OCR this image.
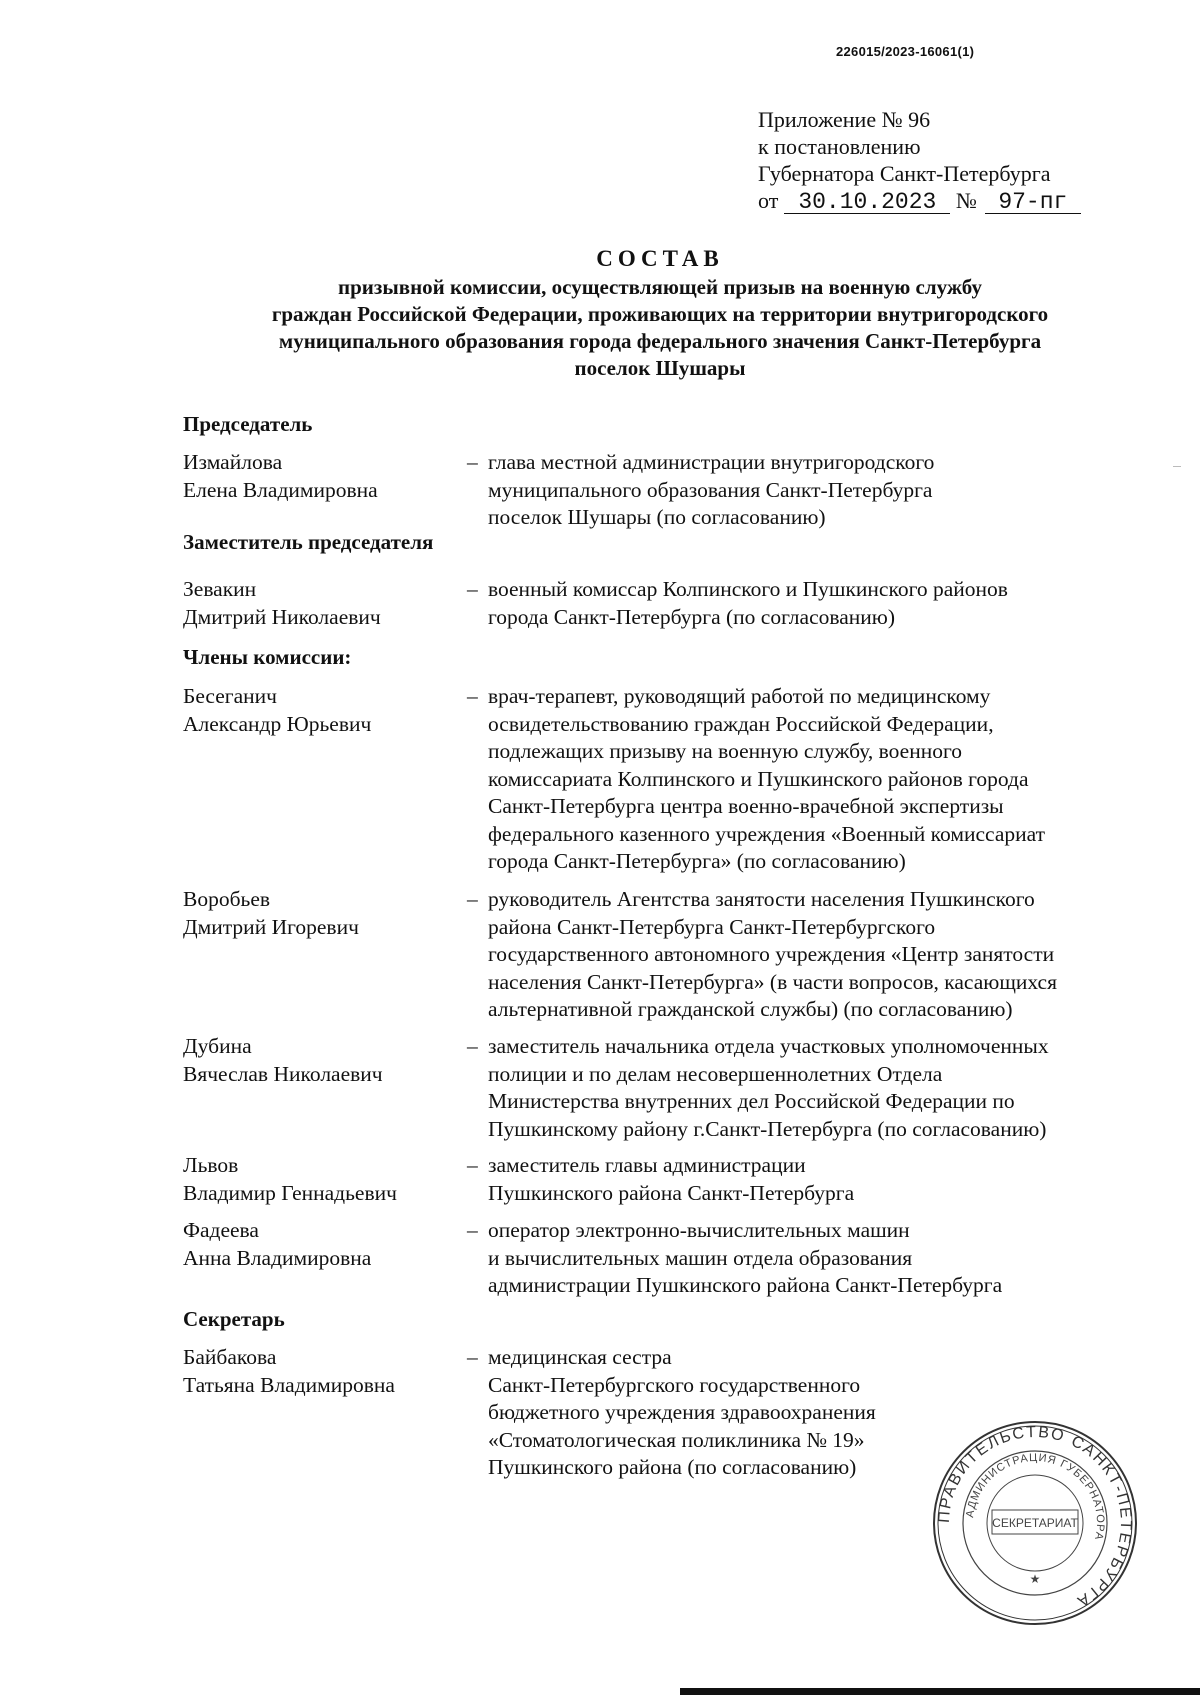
226015/2023-16061(1)
Приложение № 96
к постановлению
Губернатора Санкт-Петербурга
от 30.10.2023 № 97-пг
СОСТАВ
призывной комиссии, осуществляющей призыв на военную службу
граждан Российской Федерации, проживающих на территории внутригородского
муниципального образования города федерального значения Санкт-Петербурга
поселок Шушары
Председатель
Измайлова
Елена Владимировна
– глава местной администрации внутригородского
муниципального образования Санкт-Петербурга
поселок Шушары (по согласованию)
Заместитель председателя
Зевакин
Дмитрий Николаевич
– военный комиссар Колпинского и Пушкинского районов
города Санкт-Петербурга (по согласованию)
Члены комиссии:
Бесеганич
Александр Юрьевич
– врач-терапевт, руководящий работой по медицинскому
освидетельствованию граждан Российской Федерации,
подлежащих призыву на военную службу, военного
комиссариата Колпинского и Пушкинского районов города
Санкт-Петербурга центра военно-врачебной экспертизы
федерального казенного учреждения «Военный комиссариат
города Санкт-Петербурга» (по согласованию)
Воробьев
Дмитрий Игоревич
– руководитель Агентства занятости населения Пушкинского
района Санкт-Петербурга Санкт-Петербургского
государственного автономного учреждения «Центр занятости
населения Санкт-Петербурга» (в части вопросов, касающихся
альтернативной гражданской службы) (по согласованию)
Дубина
Вячеслав Николаевич
– заместитель начальника отдела участковых уполномоченных
полиции и по делам несовершеннолетних Отдела
Министерства внутренних дел Российской Федерации по
Пушкинскому району г.Санкт-Петербурга (по согласованию)
Львов
Владимир Геннадьевич
– заместитель главы администрации
Пушкинского района Санкт-Петербурга
Фадеева
Анна Владимировна
– оператор электронно-вычислительных машин
и вычислительных машин отдела образования
администрации Пушкинского района Санкт-Петербурга
Секретарь
Байбакова
Татьяна Владимировна
– медицинская сестра
Санкт-Петербургского государственного
бюджетного учреждения здравоохранения
«Стоматологическая поликлиника № 19»
Пушкинского района (по согласованию)
ПРАВИТЕЛЬСТВО САНКТ-ПЕТЕРБУРГА
АДМИНИСТРАЦИЯ ГУБЕРНАТОРА
СЕКРЕТАРИАТ
★
